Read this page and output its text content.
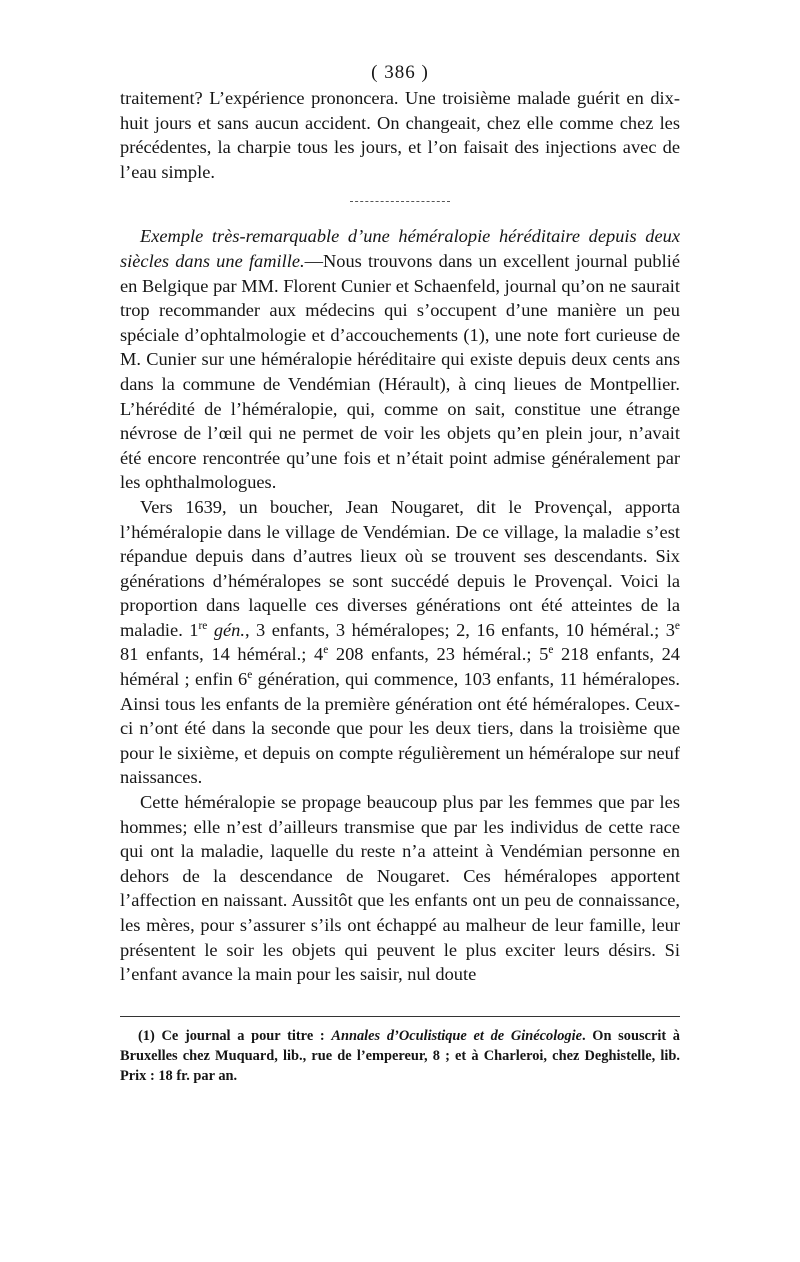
( 386 )

traitement? L’expérience prononcera. Une troisième malade guérit en dix-huit jours et sans aucun accident. On changeait, chez elle comme chez les précédentes, la charpie tous les jours, et l’on faisait des injections avec de l’eau simple.

Exemple très-remarquable d’une héméralopie héréditaire depuis deux siècles dans une famille.—Nous trouvons dans un excellent journal publié en Belgique par MM. Florent Cunier et Schaenfeld, journal qu’on ne saurait trop recommander aux médecins qui s’occupent d’une manière un peu spéciale d’ophtalmologie et d’accouchements (1), une note fort curieuse de M. Cunier sur une héméralopie héréditaire qui existe depuis deux cents ans dans la commune de Vendémian (Hérault), à cinq lieues de Montpellier. L’hérédité de l’héméralopie, qui, comme on sait, constitue une étrange névrose de l’œil qui ne permet de voir les objets qu’en plein jour, n’avait été encore rencontrée qu’une fois et n’était point admise généralement par les ophthalmologues.

Vers 1639, un boucher, Jean Nougaret, dit le Provençal, apporta l’héméralopie dans le village de Vendémian. De ce village, la maladie s’est répandue depuis dans d’autres lieux où se trouvent ses descendants. Six générations d’héméralopes se sont succédé depuis le Provençal. Voici la proportion dans laquelle ces diverses générations ont été atteintes de la maladie. 1re gén., 3 enfants, 3 héméralopes; 2, 16 enfants, 10 héméral.; 3e 81 enfants, 14 héméral.; 4e 208 enfants, 23 héméral.; 5e 218 enfants, 24 héméral ; enfin 6e génération, qui commence, 103 enfants, 11 héméralopes. Ainsi tous les enfants de la première génération ont été héméralopes. Ceux-ci n’ont été dans la seconde que pour les deux tiers, dans la troisième que pour le sixième, et depuis on compte régulièrement un héméralope sur neuf naissances.

Cette héméralopie se propage beaucoup plus par les femmes que par les hommes; elle n’est d’ailleurs transmise que par les individus de cette race qui ont la maladie, laquelle du reste n’a atteint à Vendémian personne en dehors de la descendance de Nougaret. Ces héméralopes apportent l’affection en naissant. Aussitôt que les enfants ont un peu de connaissance, les mères, pour s’assurer s’ils ont échappé au malheur de leur famille, leur présentent le soir les objets qui peuvent le plus exciter leurs désirs. Si l’enfant avance la main pour les saisir, nul doute

(1) Ce journal a pour titre : Annales d’Oculistique et de Ginécologie. On souscrit à Bruxelles chez Muquard, lib., rue de l’empereur, 8 ; et à Charleroi, chez Deghistelle, lib. Prix : 18 fr. par an.
